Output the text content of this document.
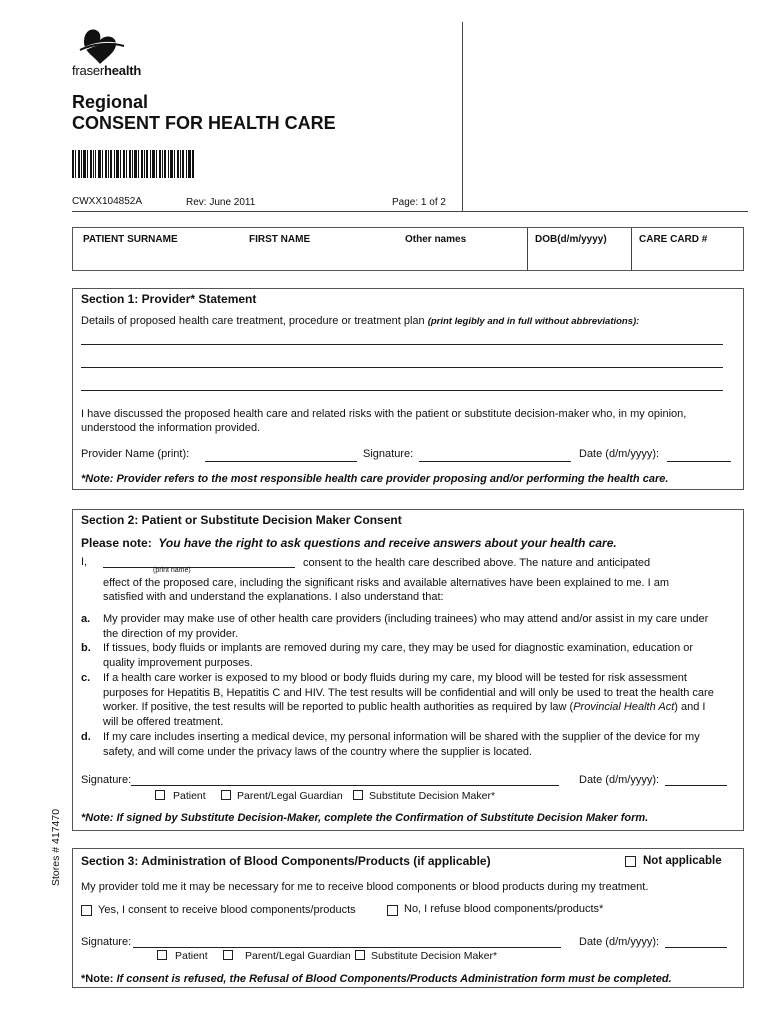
fraserhealth
Regional
CONSENT FOR HEALTH CARE
CWXX104852A	Rev: June 2011	Page: 1 of 2
Stores # 417470
PATIENT SURNAME	FIRST NAME	Other names	DOB(d/m/yyyy)	CARE CARD #
Section 1: Provider* Statement
Details of proposed health care treatment, procedure or treatment plan (print legibly and in full without abbreviations):
I have discussed the proposed health care and related risks with the patient or substitute decision-maker who, in my opinion,
understood the information provided.
Provider Name (print):	Signature:	Date (d/m/yyyy):
*Note: Provider refers to the most responsible health care provider proposing and/or performing the health care.
Section 2: Patient or Substitute Decision Maker Consent
Please note: You have the right to ask questions and receive answers about your health care.
I,
(print name)
consent to the health care described above. The nature and anticipated
effect of the proposed care, including the significant risks and available alternatives have been explained to me. I am
satisfied with and understand the explanations. I also understand that:
a. My provider may make use of other health care providers (including trainees) who may attend and/or assist in my care under
the direction of my provider.
b. If tissues, body fluids or implants are removed during my care, they may be used for diagnostic examination, education or
quality improvement purposes.
c. If a health care worker is exposed to my blood or body fluids during my care, my blood will be tested for risk assessment
purposes for Hepatitis B, Hepatitis C and HIV. The test results will be confidential and will only be used to treat the health care
worker. If positive, the test results will be reported to public health authorities as required by law (Provincial Health Act) and I
will be offered treatment.
d. If my care includes inserting a medical device, my personal information will be shared with the supplier of the device for my
safety, and will come under the privacy laws of the country where the supplier is located.
Signature:	Date (d/m/yyyy):
Patient	Parent/Legal Guardian	Substitute Decision Maker*
*Note: If signed by Substitute Decision-Maker, complete the Confirmation of Substitute Decision Maker form.
Section 3: Administration of Blood Components/Products (if applicable)	Not applicable
My provider told me it may be necessary for me to receive blood components or blood products during my treatment.
Yes, I consent to receive blood components/products	No, I refuse blood components/products*
Signature:	Date (d/m/yyyy):
Patient	Parent/Legal Guardian Substitute Decision Maker*
*Note: If consent is refused, the Refusal of Blood Components/Products Administration form must be completed.
